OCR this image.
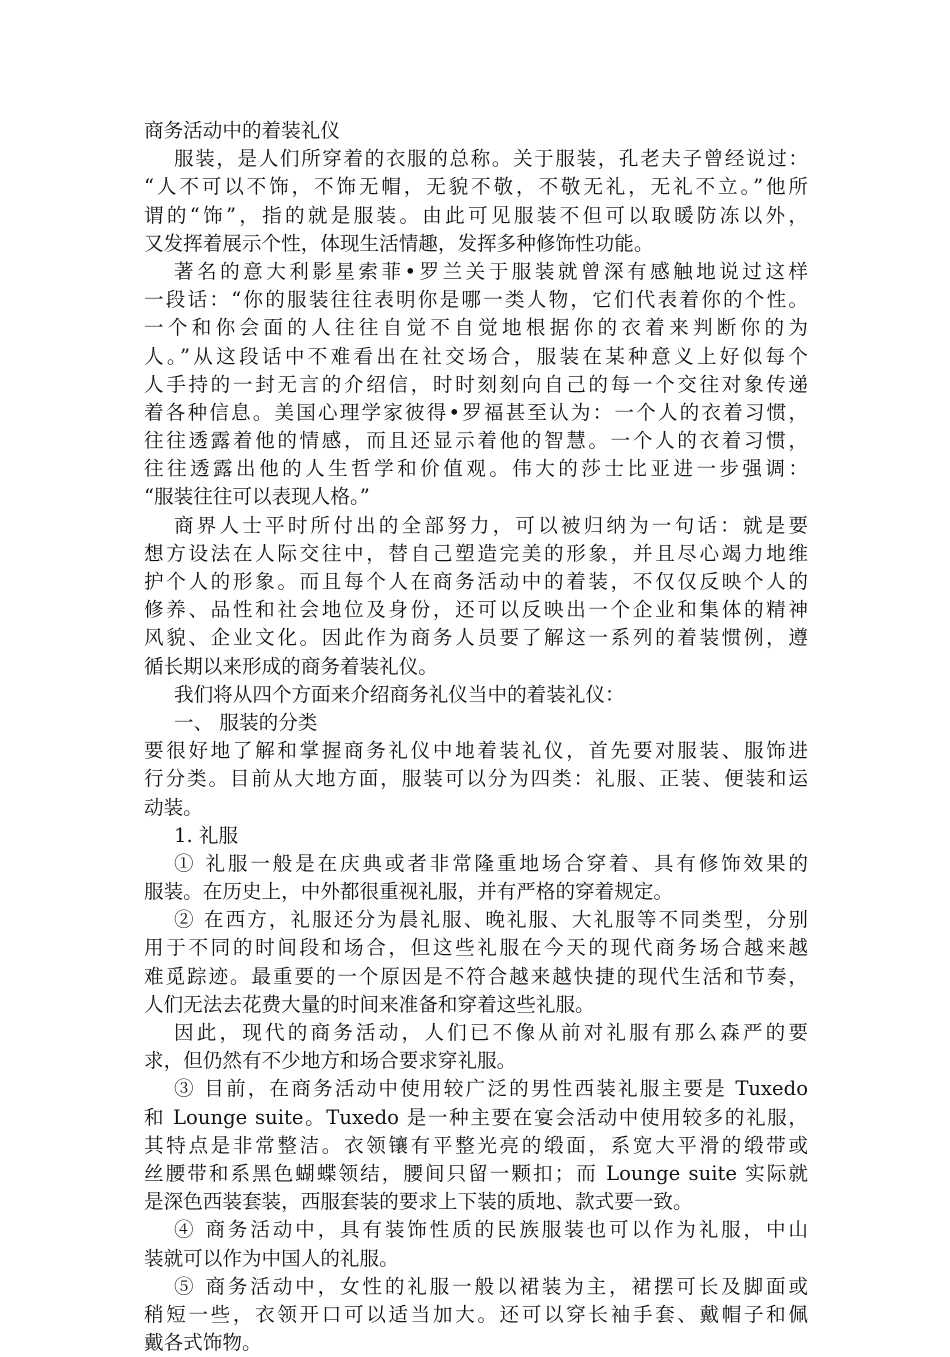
商务活动中的着装礼仪
服装，是人们所穿着的衣服的总称。关于服装，孔老夫子曾经说过：
“人不可以不饰，不饰无帽，无貌不敬，不敬无礼，无礼不立。”他所
谓的“饰”，指的就是服装。由此可见服装不但可以取暖防冻以外，
又发挥着展示个性，体现生活情趣，发挥多种修饰性功能。
著名的意大利影星索菲•罗兰关于服装就曾深有感触地说过这样
一段话：“你的服装往往表明你是哪一类人物，它们代表着你的个性。
一个和你会面的人往往自觉不自觉地根据你的衣着来判断你的为
人。”从这段话中不难看出在社交场合，服装在某种意义上好似每个
人手持的一封无言的介绍信，时时刻刻向自己的每一个交往对象传递
着各种信息。美国心理学家彼得•罗福甚至认为：一个人的衣着习惯，
往往透露着他的情感，而且还显示着他的智慧。一个人的衣着习惯，
往往透露出他的人生哲学和价值观。伟大的莎士比亚进一步强调：
“服装往往可以表现人格。”
商界人士平时所付出的全部努力，可以被归纳为一句话：就是要
想方设法在人际交往中，替自己塑造完美的形象，并且尽心竭力地维
护个人的形象。而且每个人在商务活动中的着装，不仅仅反映个人的
修养、品性和社会地位及身份，还可以反映出一个企业和集体的精神
风貌、企业文化。因此作为商务人员要了解这一系列的着装惯例，遵
循长期以来形成的商务着装礼仪。
我们将从四个方面来介绍商务礼仪当中的着装礼仪：
一、 服装的分类
要很好地了解和掌握商务礼仪中地着装礼仪，首先要对服装、服饰进
行分类。目前从大地方面，服装可以分为四类：礼服、正装、便装和运
动装。
1. 礼服
① 礼服一般是在庆典或者非常隆重地场合穿着、具有修饰效果的
服装。在历史上，中外都很重视礼服，并有严格的穿着规定。
② 在西方，礼服还分为晨礼服、晚礼服、大礼服等不同类型，分别
用于不同的时间段和场合，但这些礼服在今天的现代商务场合越来越
难觅踪迹。最重要的一个原因是不符合越来越快捷的现代生活和节奏，
人们无法去花费大量的时间来准备和穿着这些礼服。
因此，现代的商务活动，人们已不像从前对礼服有那么森严的要
求，但仍然有不少地方和场合要求穿礼服。
③ 目前，在商务活动中使用较广泛的男性西装礼服主要是 Tuxedo
和 Lounge suite。Tuxedo 是一种主要在宴会活动中使用较多的礼服，
其特点是非常整洁。衣领镶有平整光亮的缎面，系宽大平滑的缎带或
丝腰带和系黑色蝴蝶领结，腰间只留一颗扣；而 Lounge suite 实际就
是深色西装套装，西服套装的要求上下装的质地、款式要一致。
④ 商务活动中，具有装饰性质的民族服装也可以作为礼服，中山
装就可以作为中国人的礼服。
⑤ 商务活动中，女性的礼服一般以裙装为主，裙摆可长及脚面或
稍短一些，衣领开口可以适当加大。还可以穿长袖手套、戴帽子和佩
戴各式饰物。
